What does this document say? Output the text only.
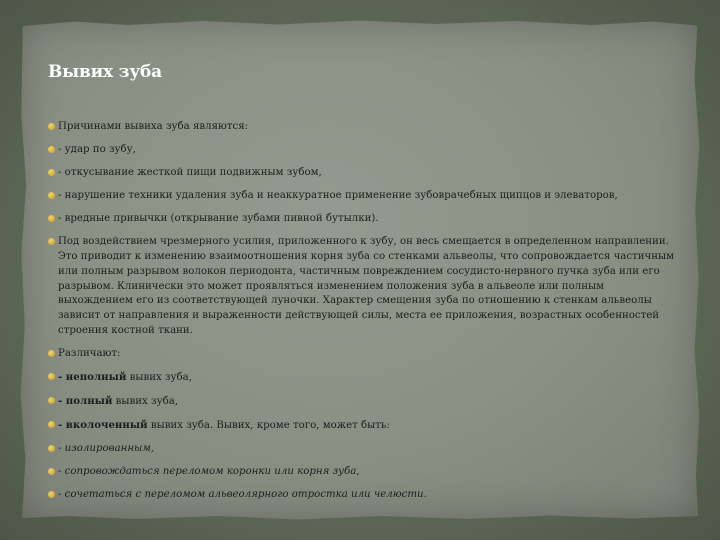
Вывих зуба
Причинами вывиха зуба являются:
- удар по зубу,
- откусывание жесткой пищи подвижным зубом,
- нарушение техники удаления зуба и неаккуратное применение зубоврачебных щипцов и элеваторов,
- вредные привычки (открывание зубами пивной бутылки).
Под воздействием чрезмерного усилия, приложенного к зубу, он весь смещается в определенном направлении. Это приводит к изменению взаимоотношения корня зуба со стенками альвеолы, что сопровождается частичным или полным разрывом волокон периодонта, частичным повреждением сосудисто-нервного пучка зуба или его разрывом. Клинически это может проявляться изменением положения зуба в альвеоле или полным выхождением его из соответствующей луночки. Характер смещения зуба по отношению к стенкам альвеолы зависит от направления и выраженности действующей силы, места ее приложения, возрастных особенностей строения костной ткани.
Различают:
- неполный вывих зуба,
- полный вывих зуба,
- вколоченный вывих зуба. Вывих, кроме того, может быть:
- изолированным,
- сопровождаться переломом коронки или корня зуба,
- сочетаться с переломом альвеолярного отростка или челюсти.
